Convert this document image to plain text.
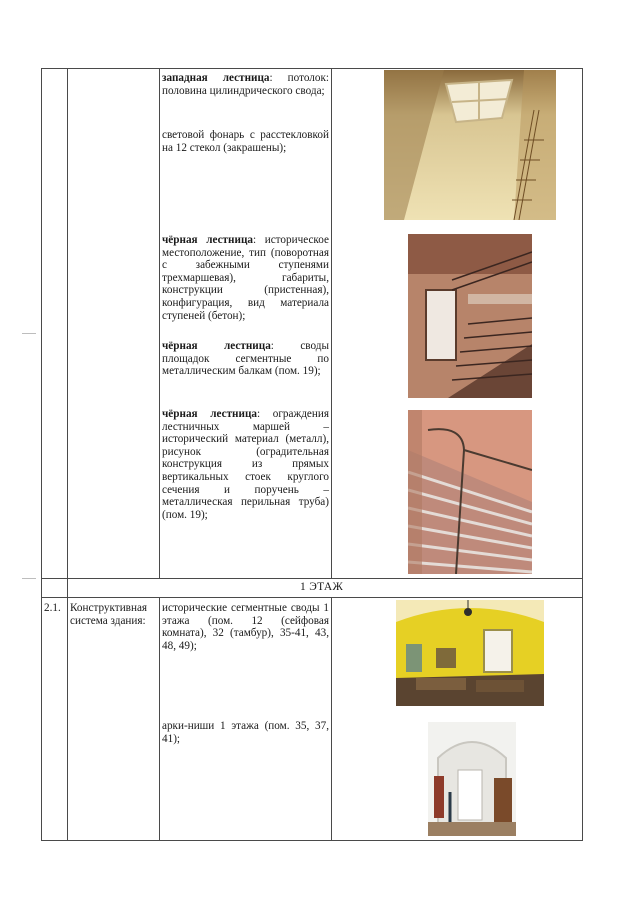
западная лестница: потолок: половина цилиндрического свода;
световой фонарь с расстекловкой на 12 стекол (закрашены);
чёрная лестница: историческое местоположение, тип (поворотная с забежными ступенями трехмаршевая), габариты, конструкции (пристенная), конфигурация, вид материала ступеней (бетон);
чёрная лестница: своды площадок сегментные по металлическим балкам (пом. 19);
чёрная лестница: ограждения лестничных маршей – исторический материал (металл), рисунок (оградительная конструкция из прямых вертикальных стоек круглого сечения и поручень – металлическая перильная труба) (пом. 19);
1 ЭТАЖ
2.1. Конструктивная система здания:
исторические сегментные своды 1 этажа (пом. 12 (сейфовая комната), 32 (тамбур), 35-41, 43, 48, 49);
арки-ниши 1 этажа (пом. 35, 37, 41);
